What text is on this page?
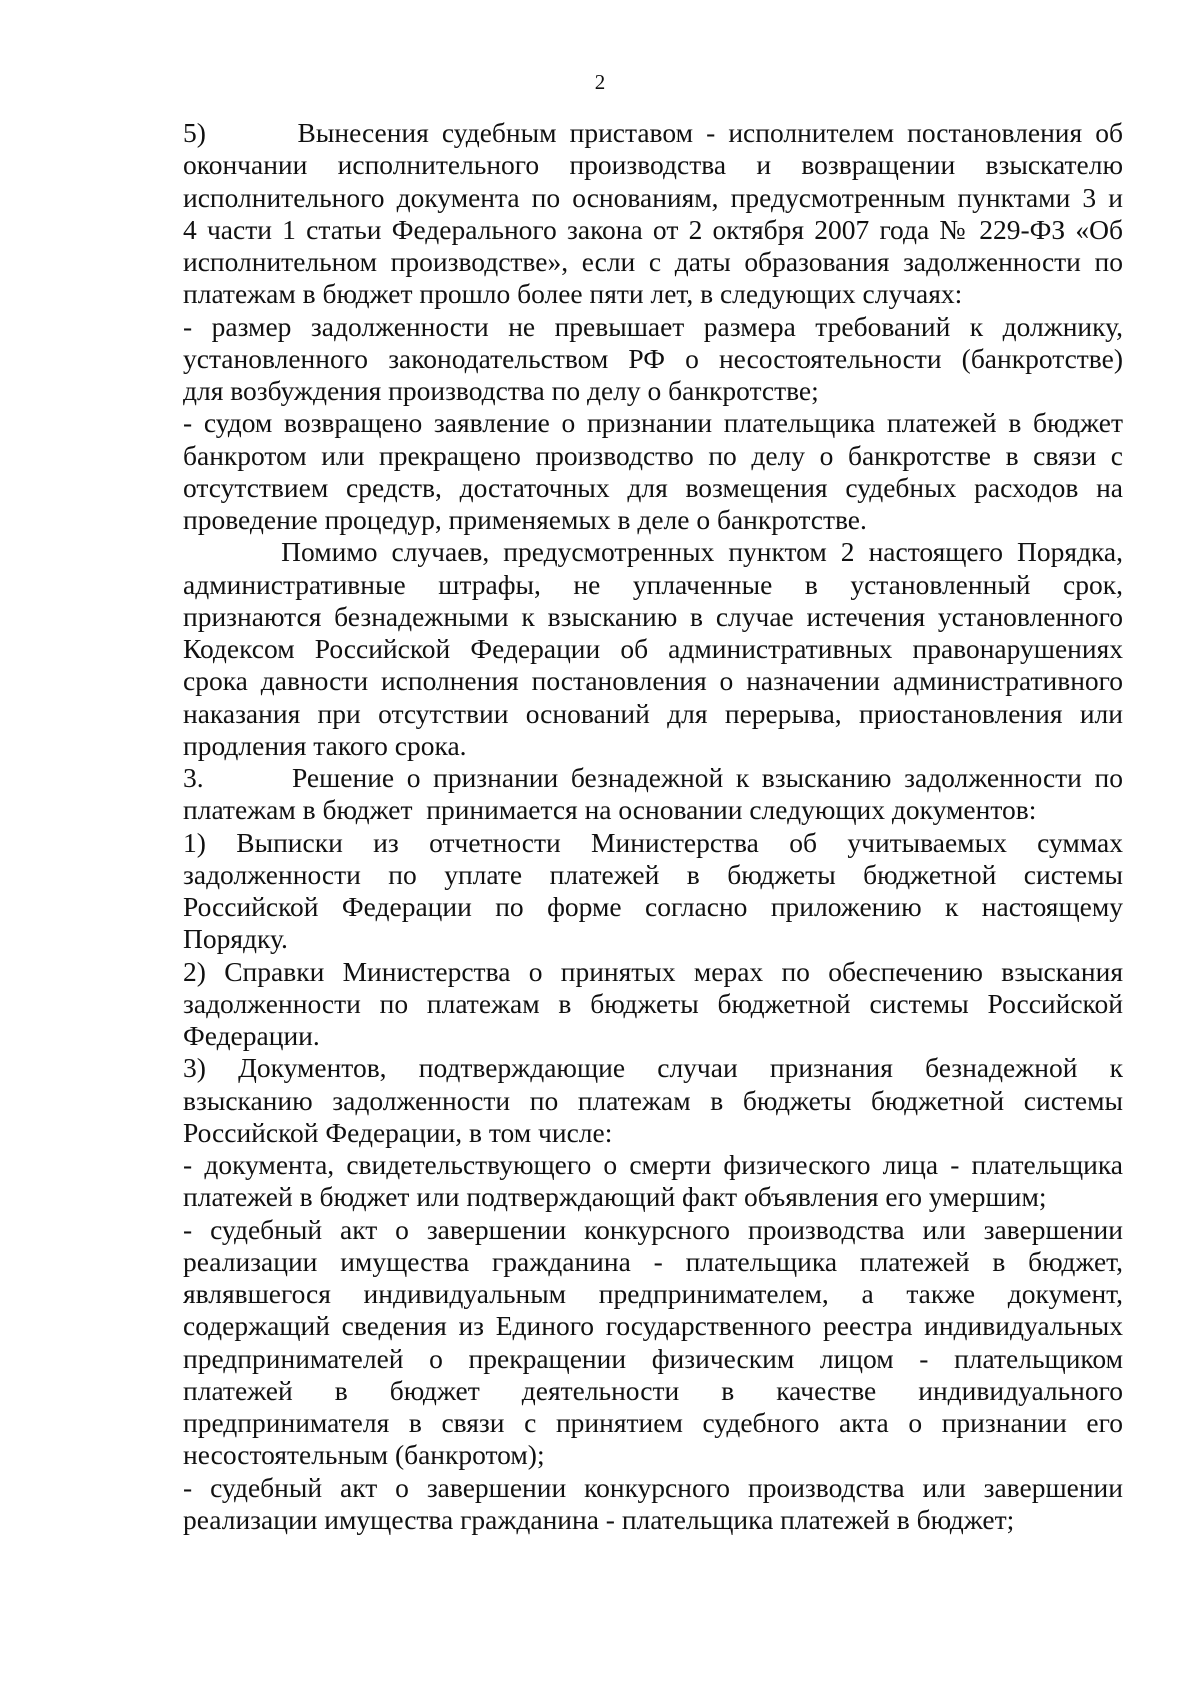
2
5)       Вынесения судебным приставом - исполнителем постановления об
окончании исполнительного производства и возвращении взыскателю
исполнительного документа по основаниям, предусмотренным пунктами 3 и
4 части 1 статьи Федерального закона от 2 октября 2007 года № 229-ФЗ «Об
исполнительном производстве», если с даты образования задолженности по
платежам в бюджет прошло более пяти лет, в следующих случаях:
- размер задолженности не превышает размера требований к должнику,
установленного законодательством РФ о несостоятельности (банкротстве)
для возбуждения производства по делу о банкротстве;
- судом возвращено заявление о признании плательщика платежей в бюджет
банкротом или прекращено производство по делу о банкротстве в связи с
отсутствием средств, достаточных для возмещения судебных расходов на
проведение процедур, применяемых в деле о банкротстве.
Помимо случаев, предусмотренных пунктом 2 настоящего Порядка,
административные штрафы, не уплаченные в установленный срок,
признаются безнадежными к взысканию в случае истечения установленного
Кодексом Российской Федерации об административных правонарушениях
срока давности исполнения постановления о назначении административного
наказания при отсутствии оснований для перерыва, приостановления или
продления такого срока.
3.       Решение о признании безнадежной к взысканию задолженности по
платежам в бюджет  принимается на основании следующих документов:
1) Выписки из отчетности Министерства об учитываемых суммах
задолженности по уплате платежей в бюджеты бюджетной системы
Российской Федерации по форме согласно приложению к настоящему
Порядку.
2) Справки Министерства о принятых мерах по обеспечению взыскания
задолженности по платежам в бюджеты бюджетной системы Российской
Федерации.
3) Документов, подтверждающие случаи признания безнадежной к
взысканию задолженности по платежам в бюджеты бюджетной системы
Российской Федерации, в том числе:
- документа, свидетельствующего о смерти физического лица - плательщика
платежей в бюджет или подтверждающий факт объявления его умершим;
- судебный акт о завершении конкурсного производства или завершении
реализации имущества гражданина - плательщика платежей в бюджет,
являвшегося индивидуальным предпринимателем, а также документ,
содержащий сведения из Единого государственного реестра индивидуальных
предпринимателей о прекращении физическим лицом - плательщиком
платежей в бюджет деятельности в качестве индивидуального
предпринимателя в связи с принятием судебного акта о признании его
несостоятельным (банкротом);
- судебный акт о завершении конкурсного производства или завершении
реализации имущества гражданина - плательщика платежей в бюджет;
